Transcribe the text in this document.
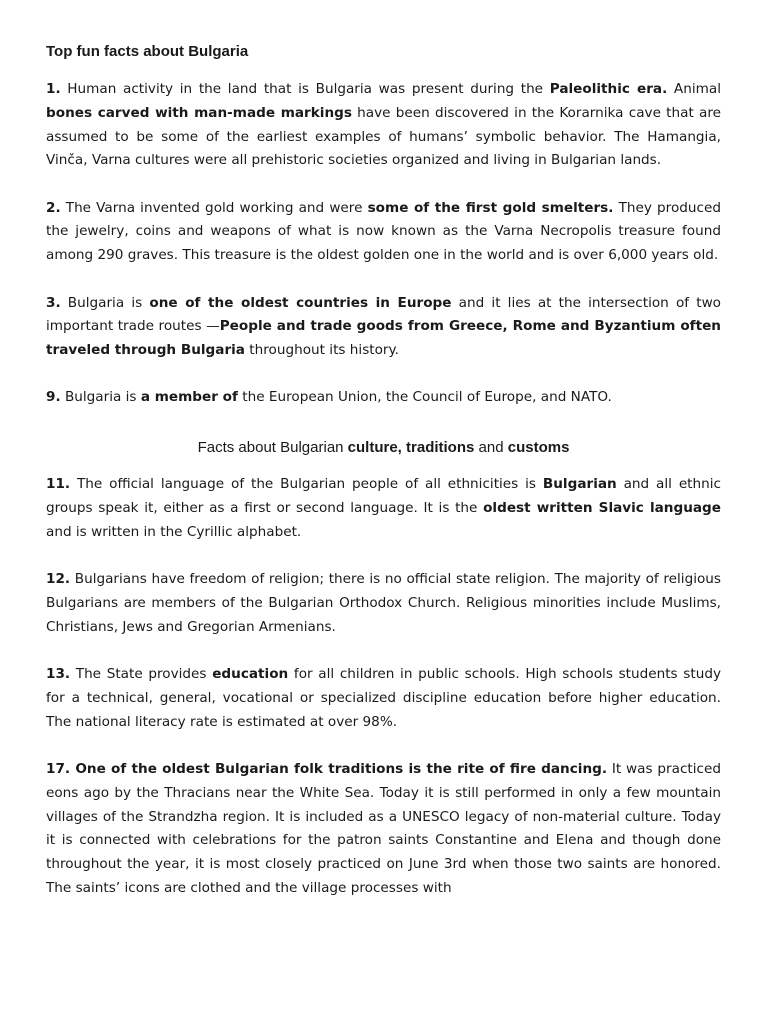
Top fun facts about Bulgaria

1. Human activity in the land that is Bulgaria was present during the Paleolithic era. Animal bones carved with man-made markings have been discovered in the Korarnika cave that are assumed to be some of the earliest examples of humans’ symbolic behavior. The Hamangia, Vinča, Varna cultures were all prehistoric societies organized and living in Bulgarian lands.

2. The Varna invented gold working and were some of the first gold smelters. They produced the jewelry, coins and weapons of what is now known as the Varna Necropolis treasure found among 290 graves. This treasure is the oldest golden one in the world and is over 6,000 years old.

3. Bulgaria is one of the oldest countries in Europe and it lies at the intersection of two important trade routes —People and trade goods from Greece, Rome and Byzantium often traveled through Bulgaria throughout its history.

9. Bulgaria is a member of the European Union, the Council of Europe, and NATO.

Facts about Bulgarian culture, traditions and customs

11. The official language of the Bulgarian people of all ethnicities is Bulgarian and all ethnic groups speak it, either as a first or second language. It is the oldest written Slavic language and is written in the Cyrillic alphabet.

12. Bulgarians have freedom of religion; there is no official state religion. The majority of religious Bulgarians are members of the Bulgarian Orthodox Church. Religious minorities include Muslims, Christians, Jews and Gregorian Armenians.

13. The State provides education for all children in public schools. High schools students study for a technical, general, vocational or specialized discipline education before higher education. The national literacy rate is estimated at over 98%.

17. One of the oldest Bulgarian folk traditions is the rite of fire dancing. It was practiced eons ago by the Thracians near the White Sea. Today it is still performed in only a few mountain villages of the Strandzha region. It is included as a UNESCO legacy of non-material culture. Today it is connected with celebrations for the patron saints Constantine and Elena and though done throughout the year, it is most closely practiced on June 3rd when those two saints are honored. The saints’ icons are clothed and the village processes with
